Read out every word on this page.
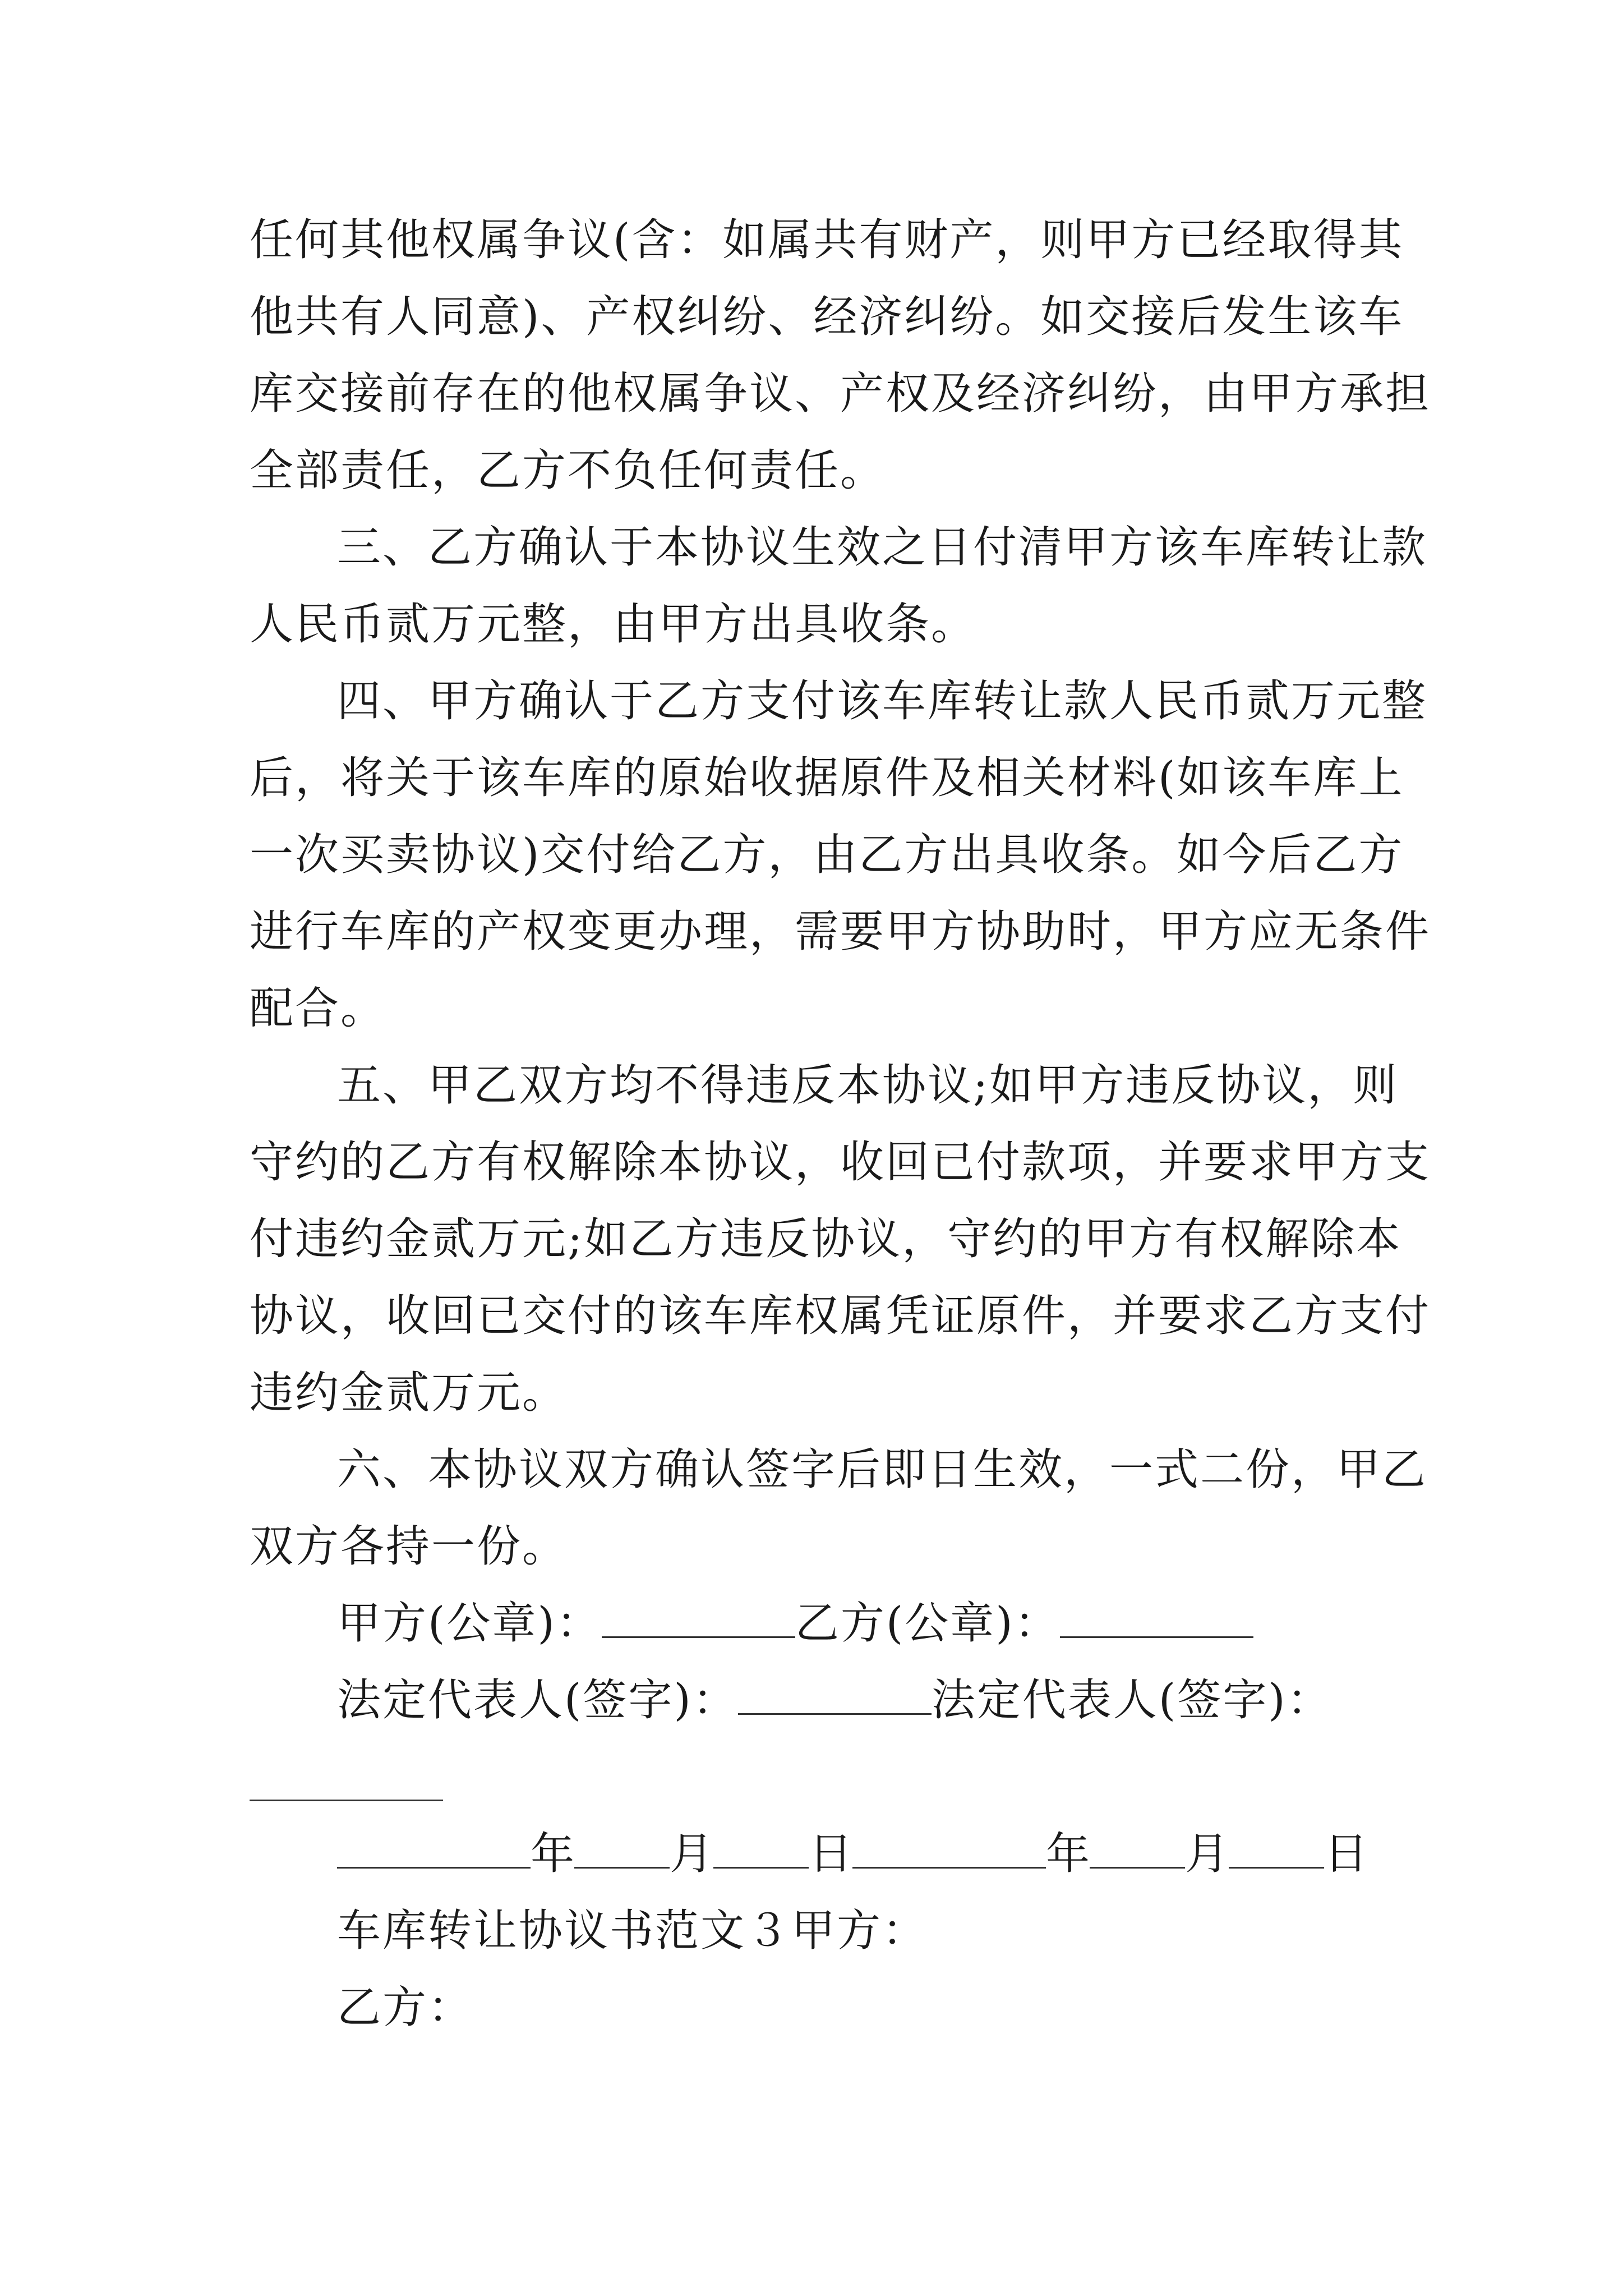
任何其他权属争议(含：如属共有财产，则甲方已经取得其
他共有人同意)、产权纠纷、经济纠纷。如交接后发生该车
库交接前存在的他权属争议、产权及经济纠纷，由甲方承担
全部责任，乙方不负任何责任。
三、乙方确认于本协议生效之日付清甲方该车库转让款
人民币贰万元整，由甲方出具收条。
四、甲方确认于乙方支付该车库转让款人民币贰万元整
后，将关于该车库的原始收据原件及相关材料(如该车库上
一次买卖协议)交付给乙方，由乙方出具收条。如今后乙方
进行车库的产权变更办理，需要甲方协助时，甲方应无条件
配合。
五、甲乙双方均不得违反本协议;如甲方违反协议，则
守约的乙方有权解除本协议，收回已付款项，并要求甲方支
付违约金贰万元;如乙方违反协议，守约的甲方有权解除本
协议，收回已交付的该车库权属凭证原件，并要求乙方支付
违约金贰万元。
六、本协议双方确认签字后即日生效，一式二份，甲乙
双方各持一份。
甲方(公章)：	乙方(公章)：
法定代表人(签字)：	法定代表人(签字)：
年 月 日	年 月 日
车库转让协议书范文３甲方：
乙方：
